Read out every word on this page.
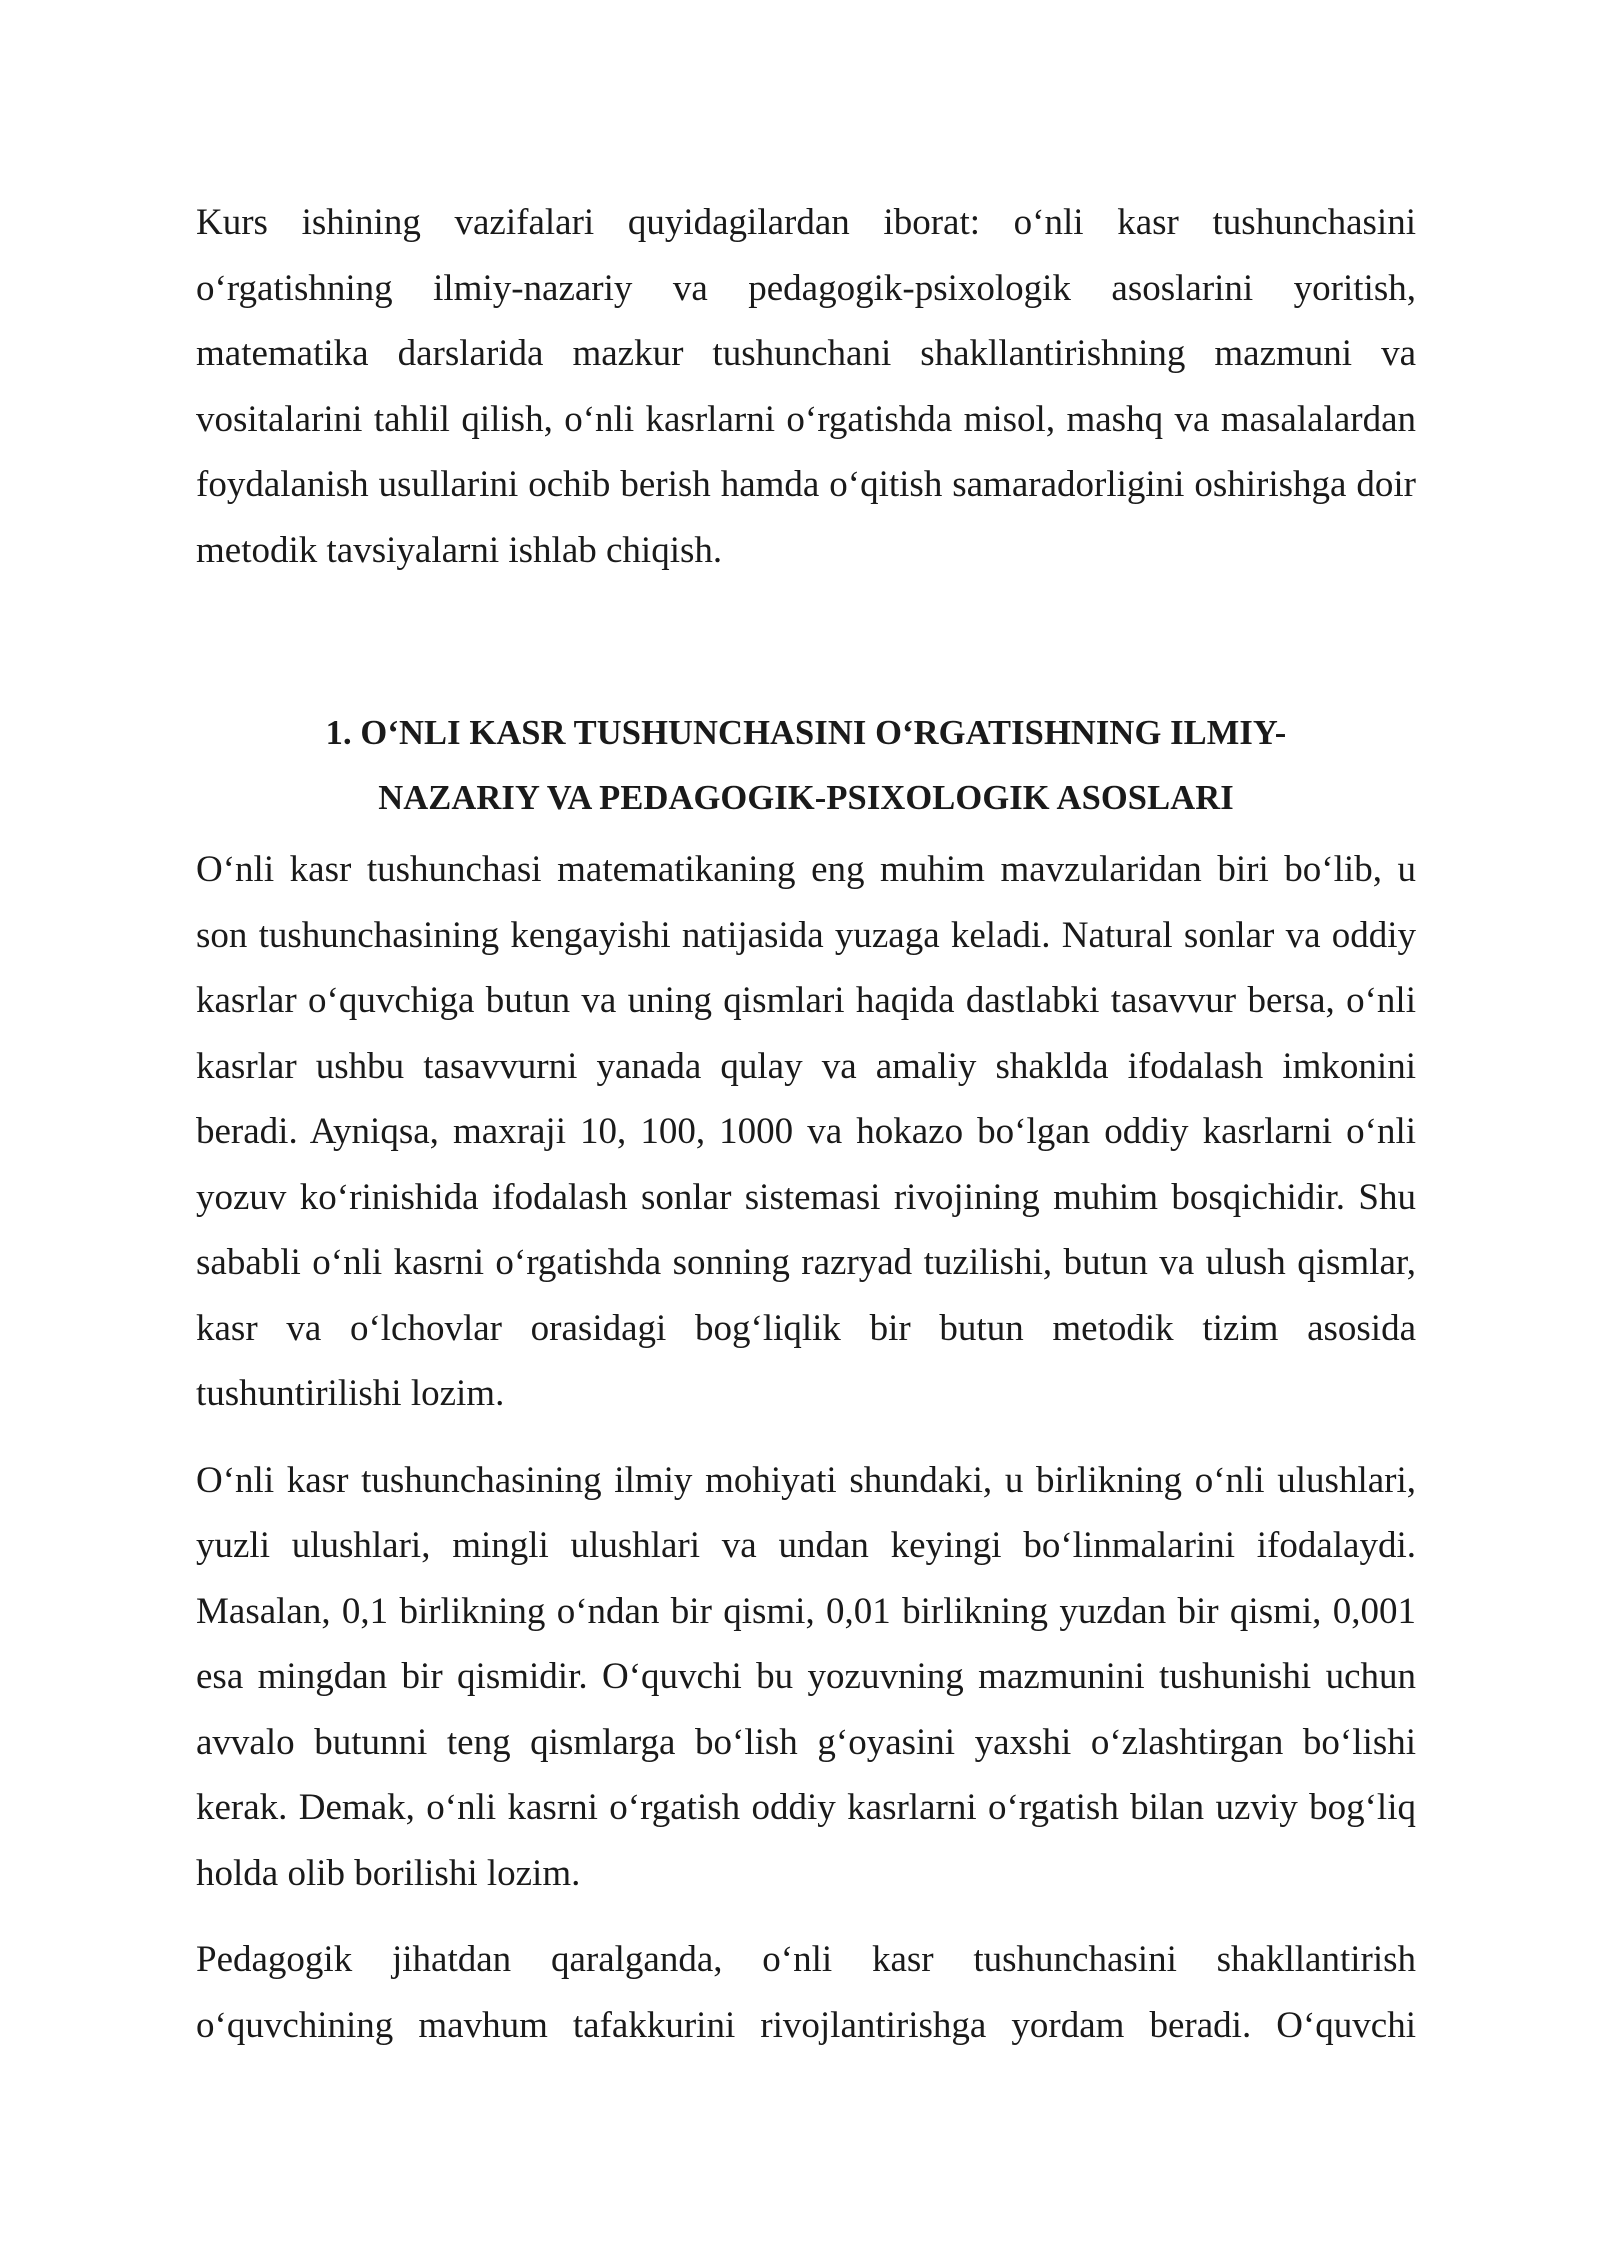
Kurs ishining vazifalari quyidagilardan iborat: o‘nli kasr tushunchasini o‘rgatishning ilmiy-nazariy va pedagogik-psixologik asoslarini yoritish, matematika darslarida mazkur tushunchani shakllantirishning mazmuni va vositalarini tahlil qilish, o‘nli kasrlarni o‘rgatishda misol, mashq va masalalardan foydalanish usullarini ochib berish hamda o‘qitish samaradorligini oshirishga doir metodik tavsiyalarni ishlab chiqish.

1. O‘NLI KASR TUSHUNCHASINI O‘RGATISHNING ILMIY-
NAZARIY VA PEDAGOGIK-PSIXOLOGIK ASOSLARI

O‘nli kasr tushunchasi matematikaning eng muhim mavzularidan biri bo‘lib, u son tushunchasining kengayishi natijasida yuzaga keladi. Natural sonlar va oddiy kasrlar o‘quvchiga butun va uning qismlari haqida dastlabki tasavvur bersa, o‘nli kasrlar ushbu tasavvurni yanada qulay va amaliy shaklda ifodalash imkonini beradi. Ayniqsa, maxraji 10, 100, 1000 va hokazo bo‘lgan oddiy kasrlarni o‘nli yozuv ko‘rinishida ifodalash sonlar sistemasi rivojining muhim bosqichidir. Shu sababli o‘nli kasrni o‘rgatishda sonning razryad tuzilishi, butun va ulush qismlar, kasr va o‘lchovlar orasidagi bog‘liqlik bir butun metodik tizim asosida tushuntirilishi lozim.

O‘nli kasr tushunchasining ilmiy mohiyati shundaki, u birlikning o‘nli ulushlari, yuzli ulushlari, mingli ulushlari va undan keyingi bo‘linmalarini ifodalaydi. Masalan, 0,1 birlikning o‘ndan bir qismi, 0,01 birlikning yuzdan bir qismi, 0,001 esa mingdan bir qismidir. O‘quvchi bu yozuvning mazmunini tushunishi uchun avvalo butunni teng qismlarga bo‘lish g‘oyasini yaxshi o‘zlashtirgan bo‘lishi kerak. Demak, o‘nli kasrni o‘rgatish oddiy kasrlarni o‘rgatish bilan uzviy bog‘liq holda olib borilishi lozim.

Pedagogik jihatdan qaralganda, o‘nli kasr tushunchasini shakllantirish o‘quvchining mavhum tafakkurini rivojlantirishga yordam beradi. O‘quvchi
